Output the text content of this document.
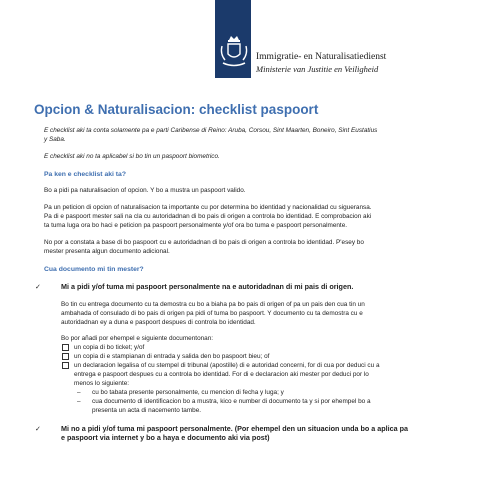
Immigratie- en Naturalisatiedienst
Ministerie van Justitie en Veiligheid
Opcion & Naturalisacion: checklist paspoort

E checklist aki ta conta solamente pa e parti Caribense di Reino: Aruba, Corsou, Sint Maarten, Boneiro, Sint Eustatius

y Saba.

E checklist aki no ta aplicabel si bo tin un paspoort biometrico.

Pa ken e checklist aki ta?

Bo a pidi pa naturalisacion of opcion. Y bo a mustra un paspoort valido.

Pa un peticion di opcion of naturalisacion ta importante cu por determina bo identidad y nacionalidad cu sigueransa.

Pa di e paspoort mester sali na cla cu autoridadnan di bo pais di origen a controla bo identidad. E comprobacion aki

ta tuma luga ora bo haci e peticion pa paspoort personalmente y/of ora bo tuma e paspoort personalmente.

No por a constata a base di bo paspoort cu e autoridadnan di bo pais di origen a controla bo identidad. P'esey bo

mester presenta algun documento adicional.

Cua documento mi tin mester?

✓	Mi a pidi y/of tuma mi paspoort personalmente na e autoridadnan di mi pais di origen.

Bo tin cu entrega documento cu ta demostra cu bo a biaha pa bo pais di origen of pa un pais den cua tin un

ambahada of consulado di bo pais di origen pa pidi of tuma bo paspoort. Y documento cu ta demostra cu e

autoridadnan ey a duna e paspoort despues di controla bo identidad.

Bo por añadi por ehempel e siguiente documentonan:

un copia di bo ticket; y/of
un copia di e stampianan di entrada y salida den bo paspoort bieu; of
un declaracion legalisa of cu stempel di tribunal (apostille) di e autoridad concerni, for di cua por deduci cu a

entrega e paspoort despues cu a controla bo identidad. For di e declaracion aki mester por deduci por lo

menos lo siguiente:

– cu bo tabata presente personalmente, cu mencion di fecha y luga; y
– cua documento di identificacion bo a mustra, kico e number di documento ta y si por ehempel bo a

presenta un acta di nacemento tambe.

✓	Mi no a pidi y/of tuma mi paspoort personalmente. (Por ehempel den un situacion unda bo a aplica pa

e paspoort via internet y bo a haya e documento aki via post)
